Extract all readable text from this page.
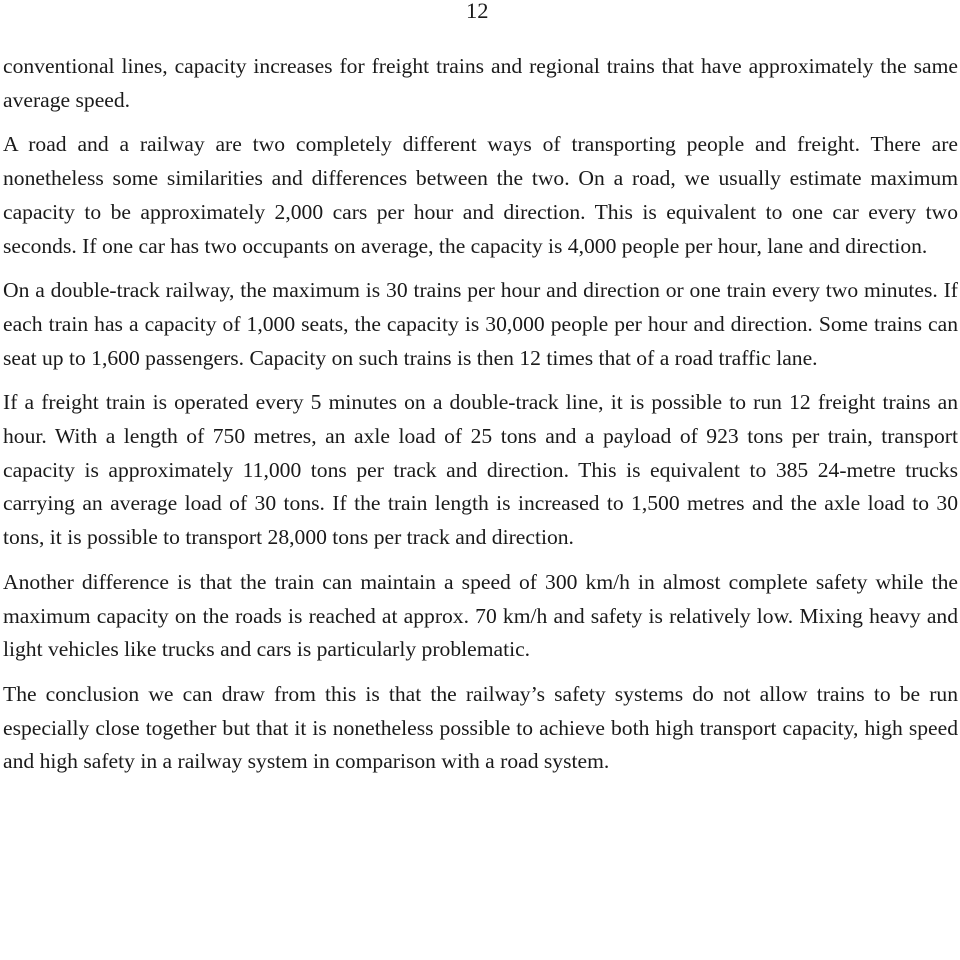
12

conventional lines, capacity increases for freight trains and regional trains that have approximately the same average speed.

A road and a railway are two completely different ways of transporting people and freight. There are nonetheless some similarities and differences between the two. On a road, we usually estimate maximum capacity to be approximately 2,000 cars per hour and direction. This is equivalent to one car every two seconds. If one car has two occupants on average, the capacity is 4,000 people per hour, lane and direction.

On a double-track railway, the maximum is 30 trains per hour and direction or one train every two minutes. If each train has a capacity of 1,000 seats, the capacity is 30,000 people per hour and direction. Some trains can seat up to 1,600 passengers. Capacity on such trains is then 12 times that of a road traffic lane.

If a freight train is operated every 5 minutes on a double-track line, it is possible to run 12 freight trains an hour. With a length of 750 metres, an axle load of 25 tons and a payload of 923 tons per train, transport capacity is approximately 11,000 tons per track and direction. This is equivalent to 385 24-metre trucks carrying an average load of 30 tons. If the train length is increased to 1,500 metres and the axle load to 30 tons, it is possible to transport 28,000 tons per track and direction.

Another difference is that the train can maintain a speed of 300 km/h in almost complete safety while the maximum capacity on the roads is reached at approx. 70 km/h and safety is relatively low. Mixing heavy and light vehicles like trucks and cars is particularly problematic.

The conclusion we can draw from this is that the railway’s safety systems do not allow trains to be run especially close together but that it is nonetheless possible to achieve both high transport capacity, high speed and high safety in a railway system in comparison with a road system.
